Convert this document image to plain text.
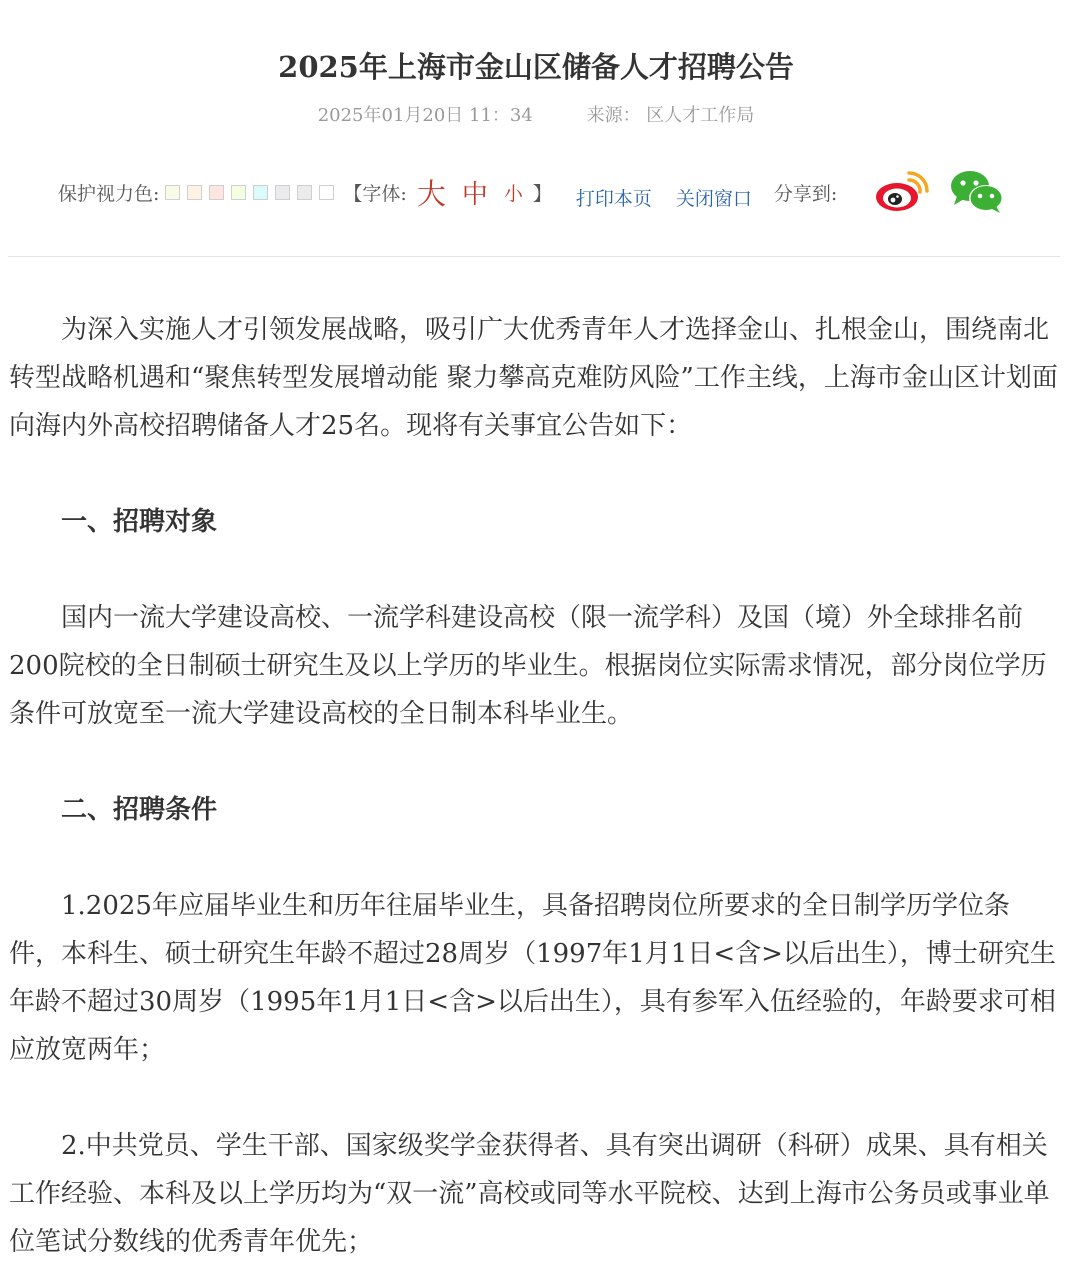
2025年上海市金山区储备人才招聘公告
2025年01月20日 11：34	来源： 区人才工作局
保护视力色:	【字体: 大 中 小 】 打印本页 关闭窗口 分享到:

为深入实施人才引领发展战略，吸引广大优秀青年人才选择金山、扎根金山，围绕南北转型战略机遇和“聚焦转型发展增动能 聚力攀高克难防风险”工作主线，上海市金山区计划面向海内外高校招聘储备人才25名。现将有关事宜公告如下：

一、招聘对象

国内一流大学建设高校、一流学科建设高校（限一流学科）及国（境）外全球排名前200院校的全日制硕士研究生及以上学历的毕业生。根据岗位实际需求情况，部分岗位学历条件可放宽至一流大学建设高校的全日制本科毕业生。

二、招聘条件

1.2025年应届毕业生和历年往届毕业生，具备招聘岗位所要求的全日制学历学位条件，本科生、硕士研究生年龄不超过28周岁（1997年1月1日<含>以后出生），博士研究生年龄不超过30周岁（1995年1月1日<含>以后出生），具有参军入伍经验的，年龄要求可相应放宽两年；

2.中共党员、学生干部、国家级奖学金获得者、具有突出调研（科研）成果、具有相关工作经验、本科及以上学历均为“双一流”高校或同等水平院校、达到上海市公务员或事业单位笔试分数线的优秀青年优先；
